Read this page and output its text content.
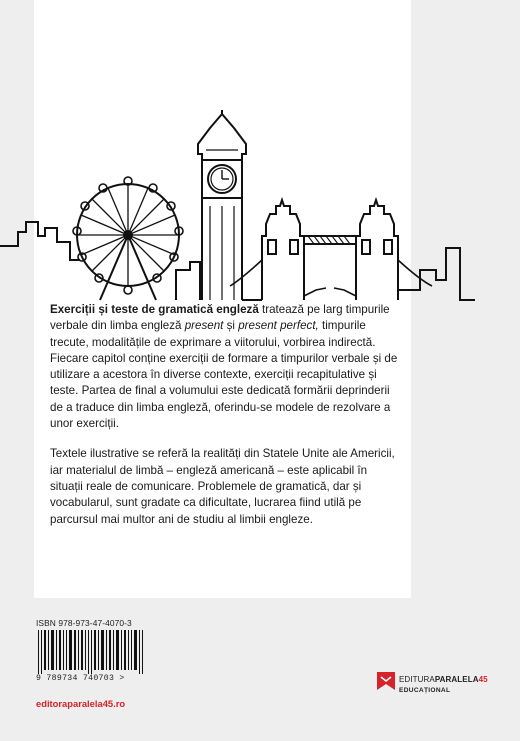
Exerciții și teste de gramatică engleză tratează pe larg timpurile verbale din limba engleză present și present perfect, timpurile trecute, modalitățile de exprimare a viitorului, vorbirea indirectă. Fiecare capitol conține exerciții de formare a timpurilor verbale și de utilizare a acestora în diverse contexte, exerciții recapitulative și teste. Partea de final a volumului este dedicată formării deprinderii de a traduce din limba engleză, oferindu-se modele de rezolvare a unor exerciții.

Textele ilustrative se referă la realități din Statele Unite ale Americii, iar materialul de limbă – engleză americană – este aplicabil în situații reale de comunicare. Problemele de gramatică, dar și vocabularul, sunt gradate ca dificultate, lucrarea fiind utilă pe parcursul mai multor ani de studiu al limbii engleze.

ISBN 978-973-47-4070-3
9 789734 740703 >
editoraparalela45.ro
EDITURAPARALELA45
EDUCAȚIONAL
